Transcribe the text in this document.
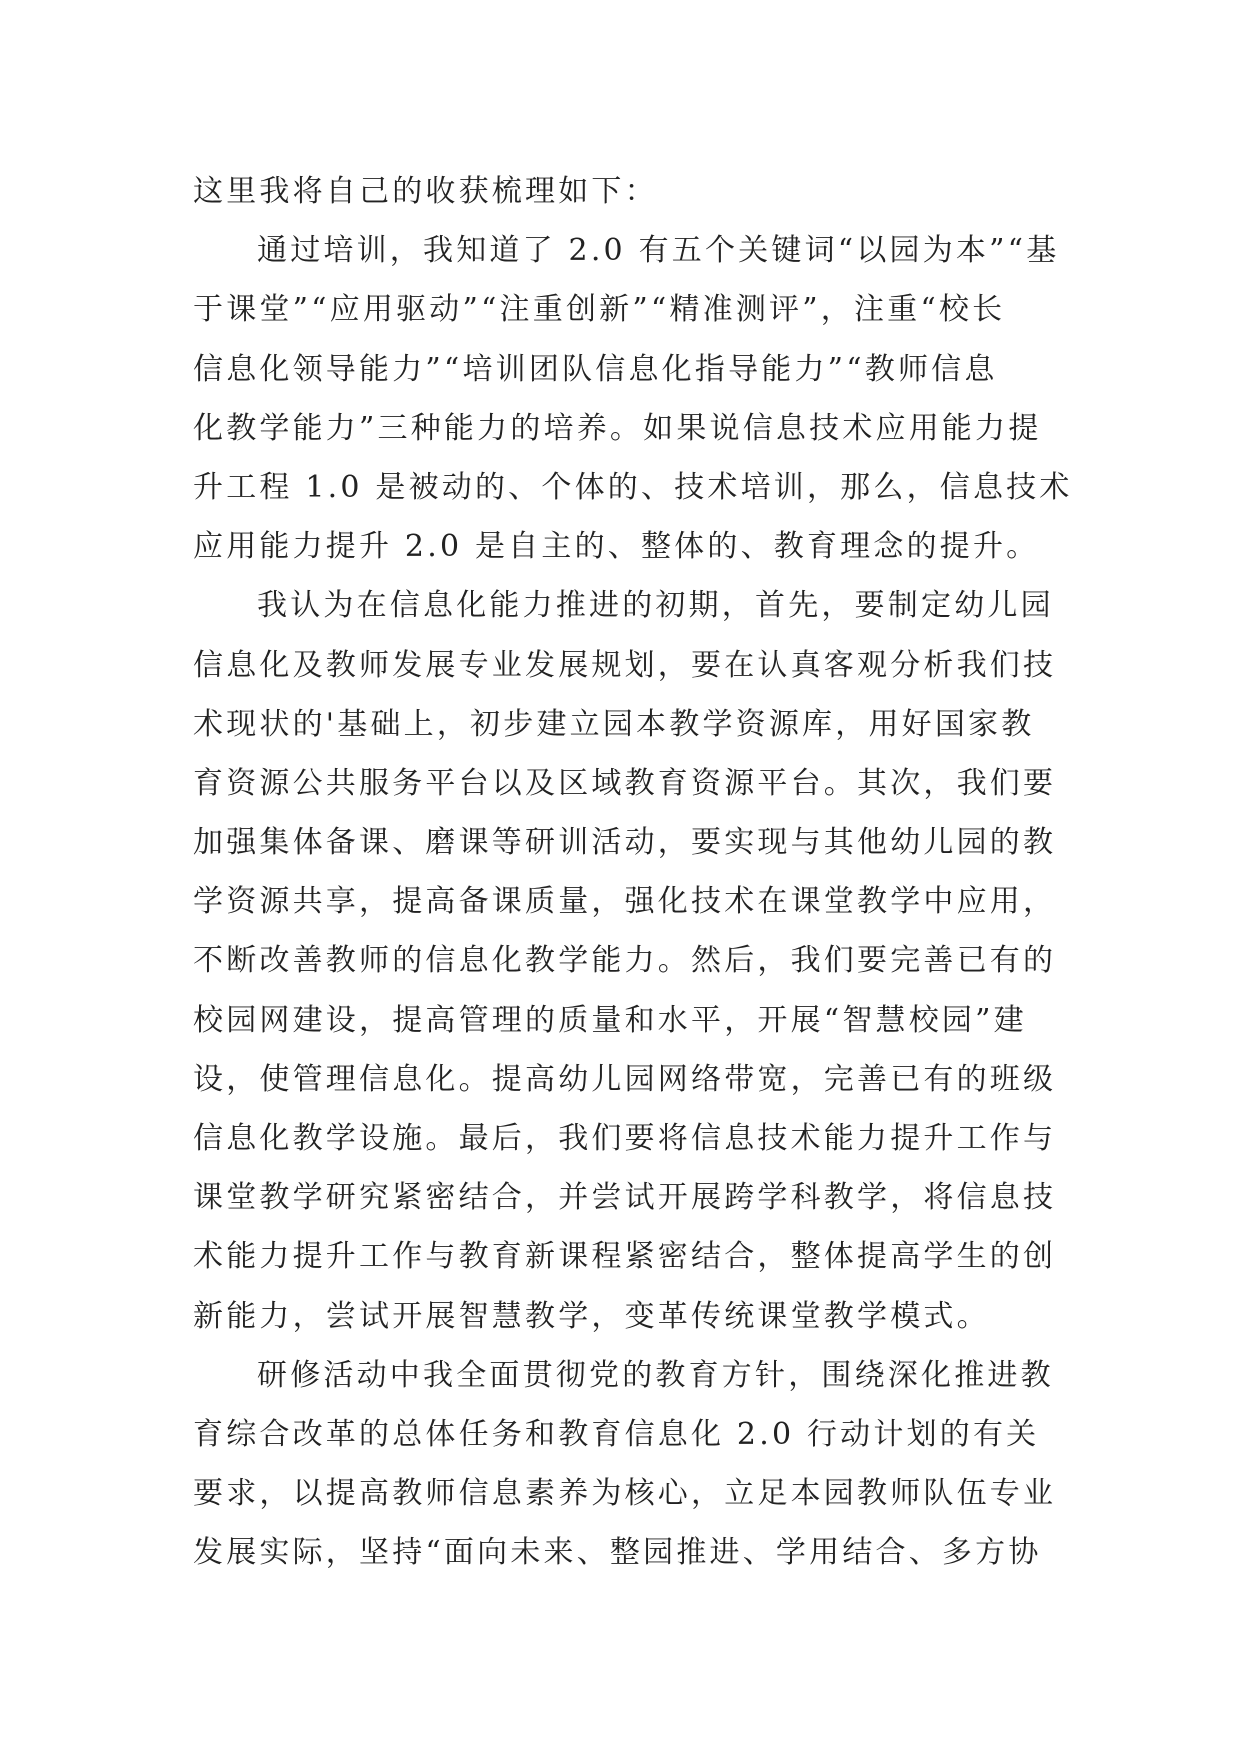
这里我将自己的收获梳理如下：
通过培训，我知道了 2.0 有五个关键词“以园为本”“基
于课堂”“应用驱动”“注重创新”“精准测评”，注重“校长
信息化领导能力”“培训团队信息化指导能力”“教师信息
化教学能力”三种能力的培养。如果说信息技术应用能力提
升工程 1.0 是被动的、个体的、技术培训，那么，信息技术
应用能力提升 2.0 是自主的、整体的、教育理念的提升。
我认为在信息化能力推进的初期，首先，要制定幼儿园
信息化及教师发展专业发展规划，要在认真客观分析我们技
术现状的'基础上，初步建立园本教学资源库，用好国家教
育资源公共服务平台以及区域教育资源平台。其次，我们要
加强集体备课、磨课等研训活动，要实现与其他幼儿园的教
学资源共享，提高备课质量，强化技术在课堂教学中应用，
不断改善教师的信息化教学能力。然后，我们要完善已有的
校园网建设，提高管理的质量和水平，开展“智慧校园”建
设，使管理信息化。提高幼儿园网络带宽，完善已有的班级
信息化教学设施。最后，我们要将信息技术能力提升工作与
课堂教学研究紧密结合，并尝试开展跨学科教学，将信息技
术能力提升工作与教育新课程紧密结合，整体提高学生的创
新能力，尝试开展智慧教学，变革传统课堂教学模式。
研修活动中我全面贯彻党的教育方针，围绕深化推进教
育综合改革的总体任务和教育信息化 2.0 行动计划的有关
要求，以提高教师信息素养为核心，立足本园教师队伍专业
发展实际，坚持“面向未来、整园推进、学用结合、多方协
